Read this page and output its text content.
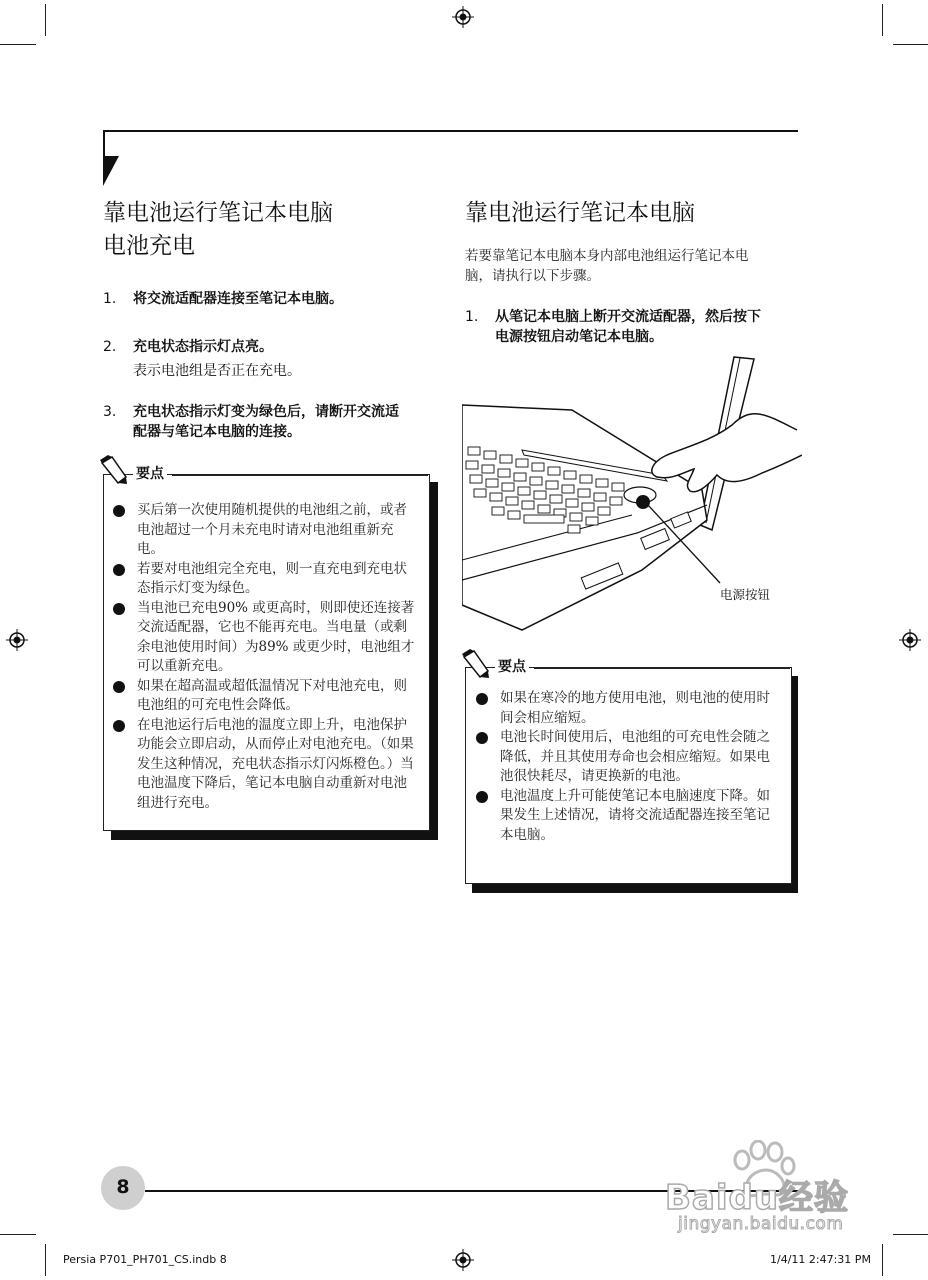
靠电池运行笔记本电脑
电池充电
1. 将交流适配器连接至笔记本电脑。
2. 充电状态指示灯点亮。
表示电池组是否正在充电。
3. 充电状态指示灯变为绿色后，请断开交流适
配器与笔记本电脑的连接。
要点
买后第一次使用随机提供的电池组之前，或者电池超过一个月未充电时请对电池组重新充电。
若要对电池组完全充电，则一直充电到充电状态指示灯变为绿色。
当电池已充电90% 或更高时，则即使还连接著交流适配器，它也不能再充电。当电量（或剩余电池使用时间）为89% 或更少时，电池组才可以重新充电。
如果在超高温或超低温情况下对电池充电，则电池组的可充电性会降低。
在电池运行后电池的温度立即上升，电池保护功能会立即启动，从而停止对电池充电。（如果发生这种情况，充电状态指示灯闪烁橙色。）当电池温度下降后，笔记本电脑自动重新对电池组进行充电。
靠电池运行笔记本电脑
若要靠笔记本电脑本身内部电池组运行笔记本电
脑，请执行以下步骤。
1. 从笔记本电脑上断开交流适配器，然后按下
电源按钮启动笔记本电脑。
电源按钮
要点
如果在寒冷的地方使用电池，则电池的使用时间会相应缩短。
电池长时间使用后，电池组的可充电性会随之降低，并且其使用寿命也会相应缩短。如果电池很快耗尽，请更换新的电池。
电池温度上升可能使笔记本电脑速度下降。如果发生上述情况，请将交流适配器连接至笔记本电脑。
8	Baidu经验
jingyan.baidu.com
Persia P701_PH701_CS.indb 8	1/4/11 2:47:31 PM
